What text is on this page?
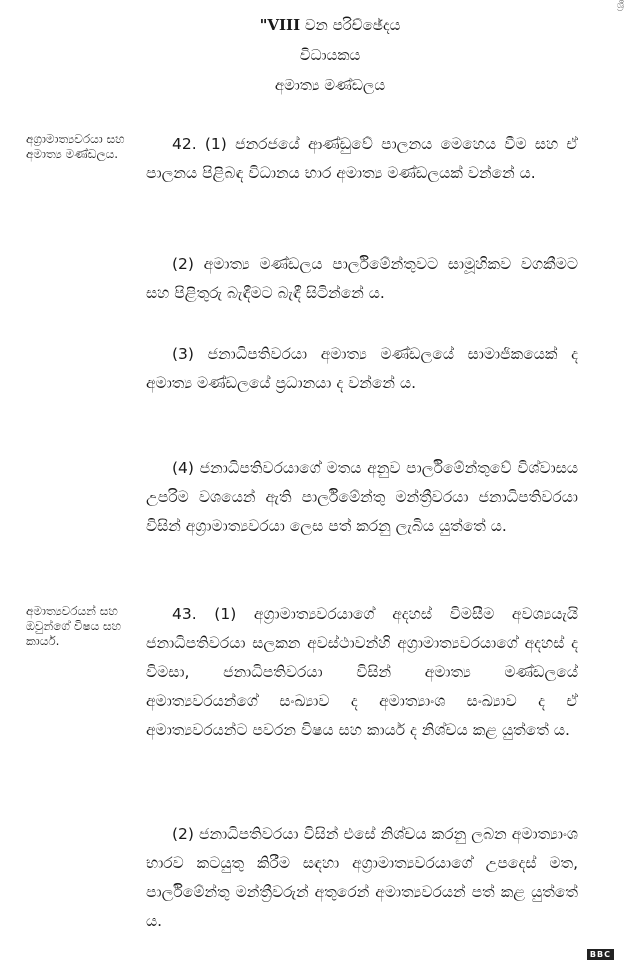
ශ්‍රී
"VIII වන පරිච්ඡේදය
විධායකය
අමාත්‍ය මණ්ඩලය
අග්‍රාමාත්‍යවරයා සහ අමාත්‍ය මණ්ඩලය.
42. (1) ජනරජයේ ආණ්ඩුවේ පාලනය මෙහෙය වීම සහ ඒ පාලනය පිළිබඳ විධානය භාර අමාත්‍ය මණ්ඩලයක් වන්නේ ය.
(2) අමාත්‍ය මණ්ඩලය පාර්ලිමේන්තුවට සාමූහිකව වගකීමට සහ පිළිතුරු බැඳීමට බැඳී සිටින්නේ ය.
(3) ජනාධිපතිවරයා අමාත්‍ය මණ්ඩලයේ සාමාජිකයෙක් ද අමාත්‍ය මණ්ඩලයේ ප්‍රධානයා ද වන්නේ ය.
(4) ජනාධිපතිවරයාගේ මතය අනුව පාර්ලිමේන්තුවේ විශ්වාසය උපරිම වශයෙන් ඇති පාර්ලිමේන්තු මන්ත්‍රීවරයා ජනාධිපතිවරයා විසින් අග්‍රාමාත්‍යවරයා ලෙස පත් කරනු ලැබිය යුත්තේ ය.
අමාත්‍යවරයන් සහ ඔවුන්ගේ විෂය සහ කාර්ය.
43. (1) අග්‍රාමාත්‍යවරයාගේ අදහස් විමසීම අවශ්‍යයැයි ජනාධිපතිවරයා සලකන අවස්ථාවන්හි අග්‍රාමාත්‍යවරයාගේ අදහස් ද විමසා, ජනාධිපතිවරයා විසින් අමාත්‍ය මණ්ඩලයේ අමාත්‍යවරයන්ගේ සංඛ්‍යාව ද අමාත්‍යාංශ සංඛ්‍යාව ද ඒ අමාත්‍යවරයන්ට පවරන විෂය සහ කාර්ය ද නිශ්චය කළ යුත්තේ ය.
(2) ජනාධිපතිවරයා විසින් එසේ නිශ්චය කරනු ලබන අමාත්‍යාංශ භාරව කටයුතු කිරීම සඳහා අග්‍රාමාත්‍යවරයාගේ උපදෙස් මත, පාර්ලිමේන්තු මන්ත්‍රීවරුන් අතුරෙන් අමාත්‍යවරයන් පත් කළ යුත්තේ ය.
BBC
